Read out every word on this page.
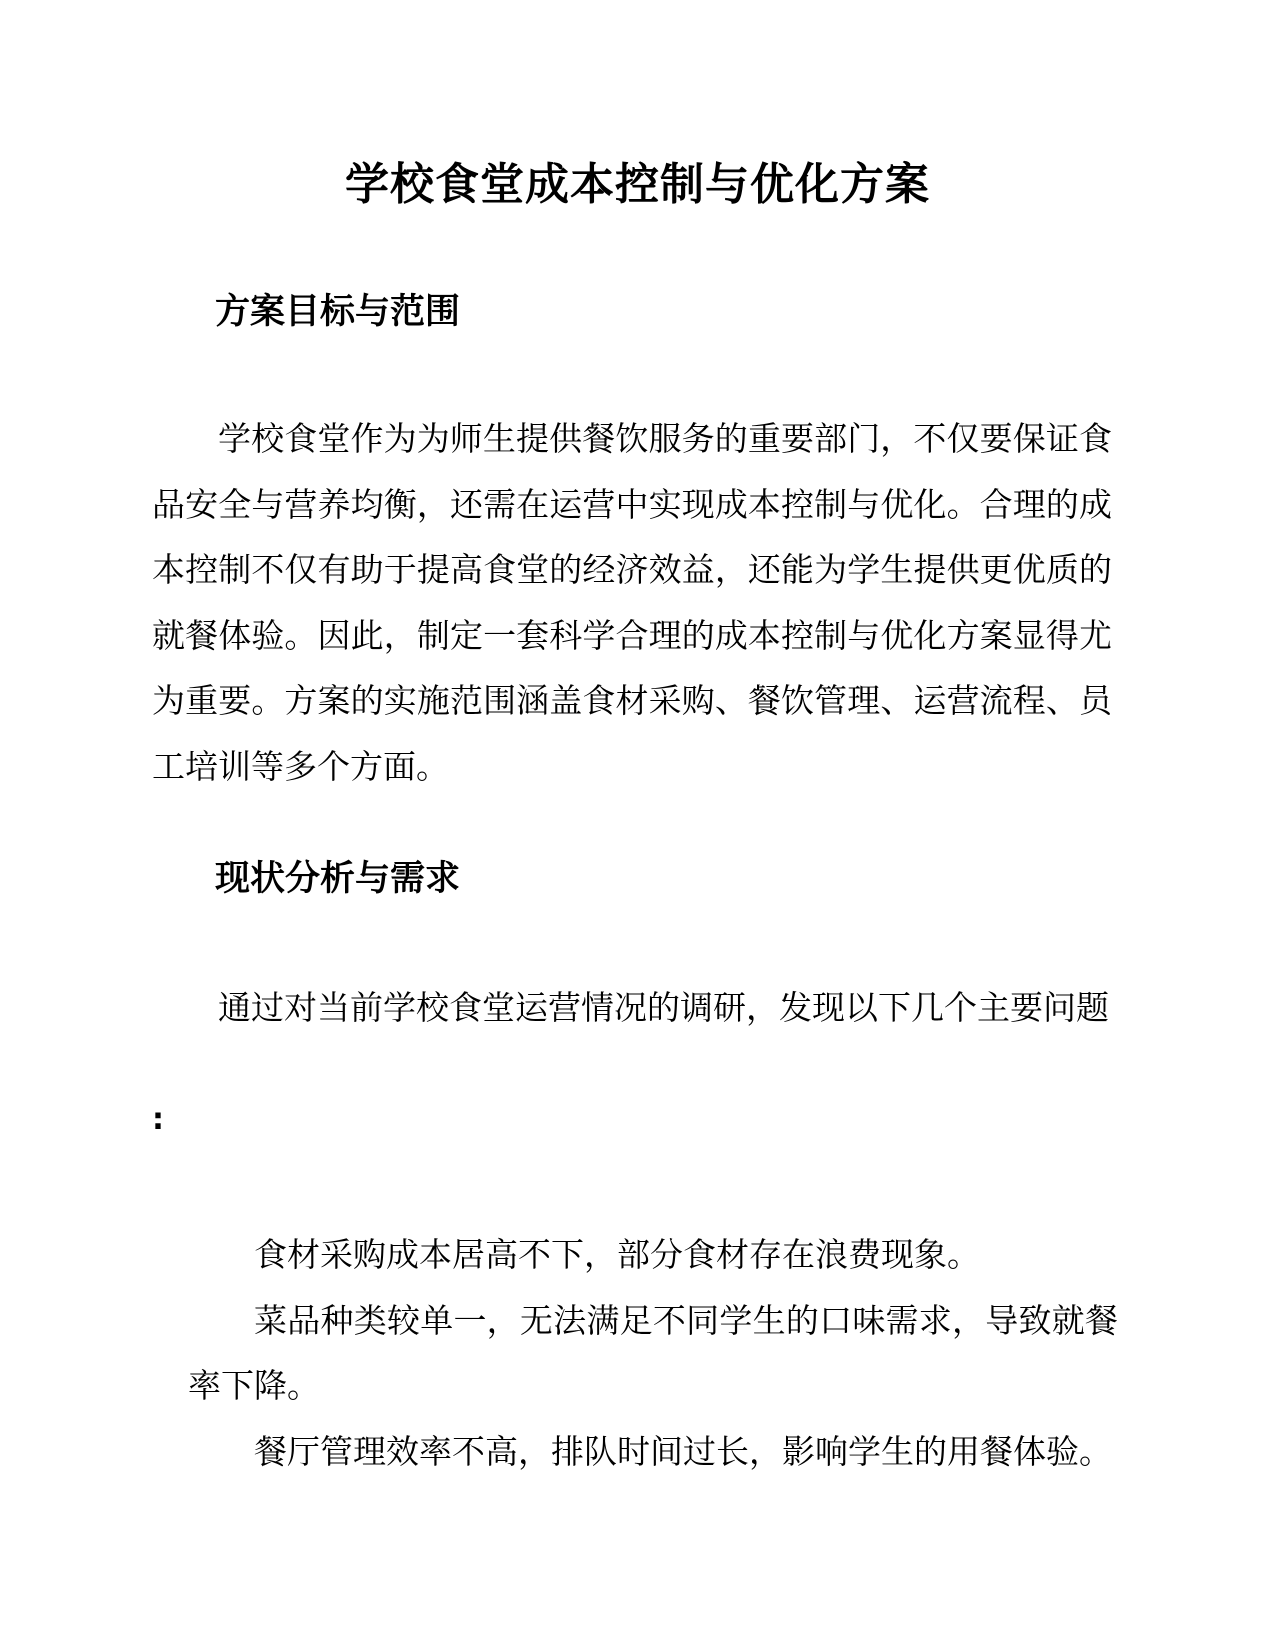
学校食堂成本控制与优化方案
方案目标与范围
学校食堂作为为师生提供餐饮服务的重要部门，不仅要保证食品安全与营养均衡，还需在运营中实现成本控制与优化。合理的成本控制不仅有助于提高食堂的经济效益，还能为学生提供更优质的就餐体验。因此，制定一套科学合理的成本控制与优化方案显得尤为重要。方案的实施范围涵盖食材采购、餐饮管理、运营流程、员工培训等多个方面。
现状分析与需求
通过对当前学校食堂运营情况的调研，发现以下几个主要问题
:
食材采购成本居高不下，部分食材存在浪费现象。
菜品种类较单一，无法满足不同学生的口味需求，导致就餐率下降。
餐厅管理效率不高，排队时间过长，影响学生的用餐体验。
